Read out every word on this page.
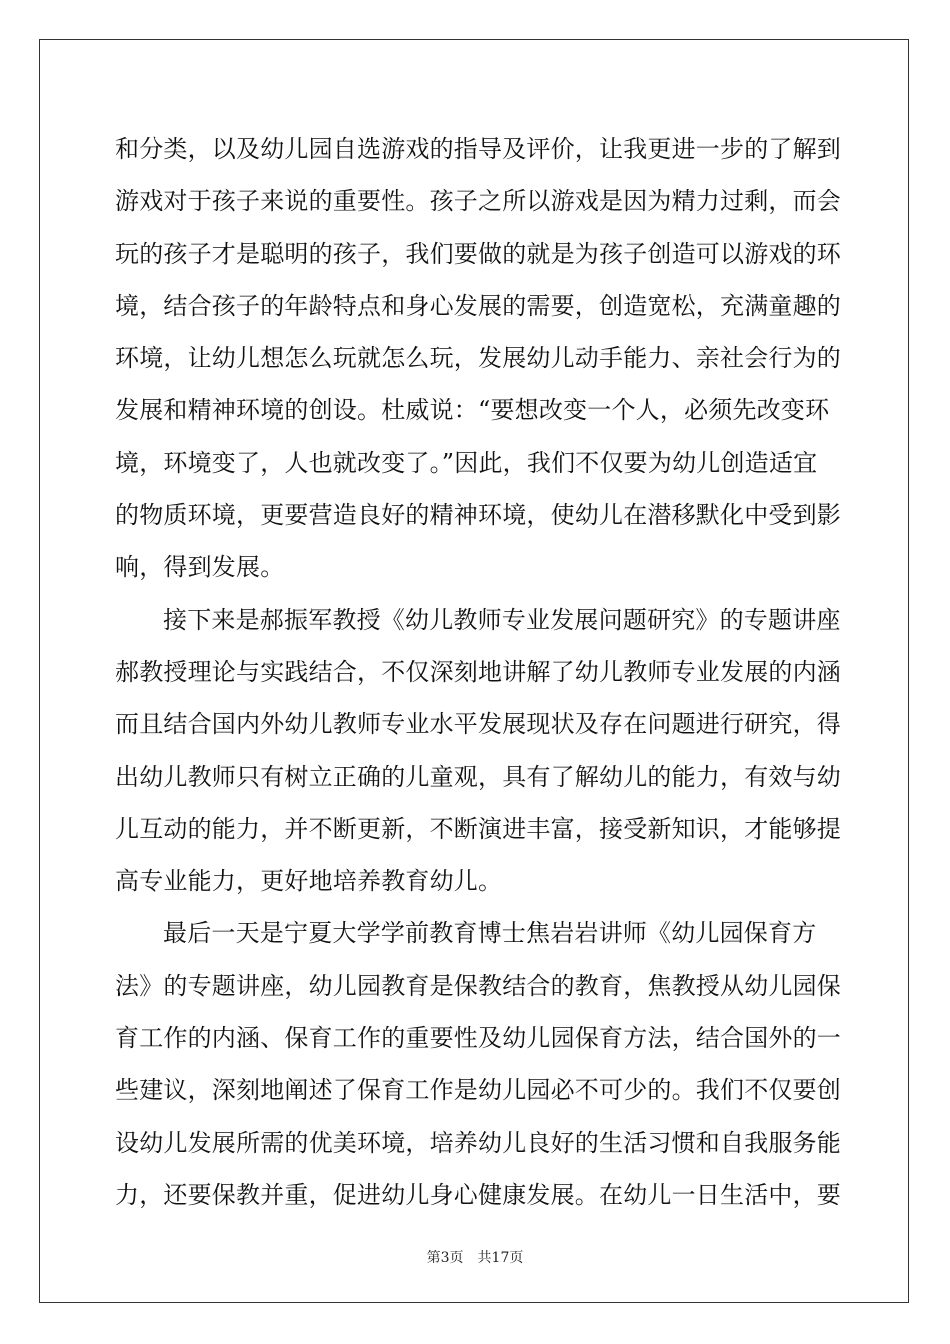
和分类，以及幼儿园自选游戏的指导及评价，让我更进一步的了解到
游戏对于孩子来说的重要性。孩子之所以游戏是因为精力过剩，而会
玩的孩子才是聪明的孩子，我们要做的就是为孩子创造可以游戏的环
境，结合孩子的年龄特点和身心发展的需要，创造宽松，充满童趣的
环境，让幼儿想怎么玩就怎么玩，发展幼儿动手能力、亲社会行为的
发展和精神环境的创设。杜威说：“要想改变一个人，必须先改变环
境，环境变了，人也就改变了。”因此，我们不仅要为幼儿创造适宜
的物质环境，更要营造良好的精神环境，使幼儿在潜移默化中受到影
响，得到发展。
接下来是郝振军教授《幼儿教师专业发展问题研究》的专题讲座
郝教授理论与实践结合，不仅深刻地讲解了幼儿教师专业发展的内涵
而且结合国内外幼儿教师专业水平发展现状及存在问题进行研究，得
出幼儿教师只有树立正确的儿童观，具有了解幼儿的能力，有效与幼
儿互动的能力，并不断更新，不断演进丰富，接受新知识，才能够提
高专业能力，更好地培养教育幼儿。
最后一天是宁夏大学学前教育博士焦岩岩讲师《幼儿园保育方
法》的专题讲座，幼儿园教育是保教结合的教育，焦教授从幼儿园保
育工作的内涵、保育工作的重要性及幼儿园保育方法，结合国外的一
些建议，深刻地阐述了保育工作是幼儿园必不可少的。我们不仅要创
设幼儿发展所需的优美环境，培养幼儿良好的生活习惯和自我服务能
力，还要保教并重，促进幼儿身心健康发展。在幼儿一日生活中，要
第3页　共17页
